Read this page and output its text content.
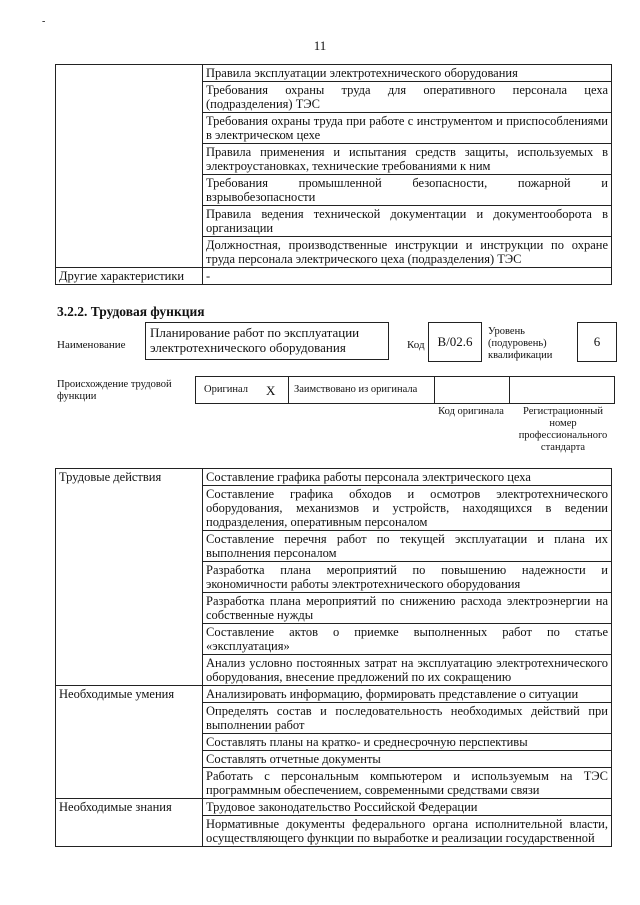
-
11
	Правила эксплуатации электротехнического оборудования
	Требования охраны труда для оперативного персонала цеха (подразделения) ТЭС
	Требования охраны труда при работе с инструментом и приспособлениями в электрическом цехе
	Правила применения и испытания средств защиты, используемых в электроустановках, технические требованиями к ним
	Требования промышленной безопасности, пожарной и взрывобезопасности
	Правила ведения технической документации и документооборота в организации
	Должностная, производственные инструкции и инструкции по охране труда персонала электрического цеха (подразделения) ТЭС
Другие характеристики	-
3.2.2. Трудовая функция
Наименование
Планирование работ по эксплуатации электротехнического оборудования	Код B/02.6
Уровень (подуровень) квалификации
6
Происхождение трудовой функции
Оригинал X Заимствовано из оригинала
Код оригинала	Регистрационный номер профессионального стандарта
Трудовые действия	Составление графика работы персонала электрического цеха
	Составление графика обходов и осмотров электротехнического оборудования, механизмов и устройств, находящихся в ведении подразделения, оперативным персоналом
	Составление перечня работ по текущей эксплуатации и плана их выполнения персоналом
	Разработка плана мероприятий по повышению надежности и экономичности работы электротехнического оборудования
	Разработка плана мероприятий по снижению расхода электроэнергии на собственные нужды
	Составление актов о приемке выполненных работ по статье «эксплуатация»
	Анализ условно постоянных затрат на эксплуатацию электротехнического оборудования, внесение предложений по их сокращению
Необходимые умения	Анализировать информацию, формировать представление о ситуации
	Определять состав и последовательность необходимых действий при выполнении работ
	Составлять планы на кратко- и среднесрочную перспективы
	Составлять отчетные документы
	Работать с персональным компьютером и используемым на ТЭС программным обеспечением, современными средствами связи
Необходимые знания	Трудовое законодательство Российской Федерации
	Нормативные документы федерального органа исполнительной власти, осуществляющего функции по выработке и реализации государственной
